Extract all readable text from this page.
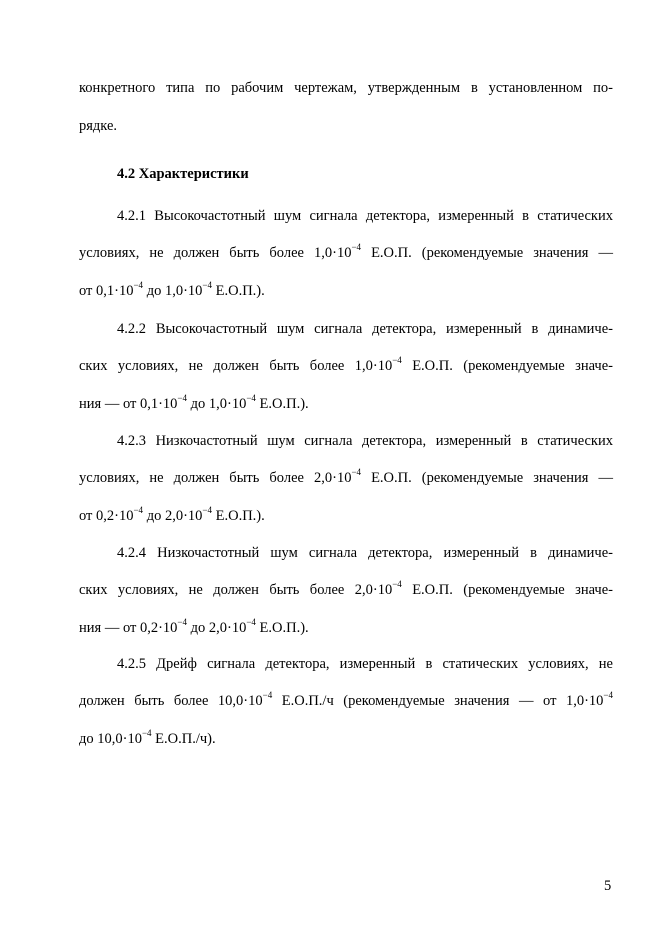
конкретного типа по рабочим чертежам, утвержденным в установленном по-
рядке.
4.2 Характеристики
4.2.1 Высокочастотный шум сигнала детектора, измеренный в статических
условиях, не должен быть более $1,0\cdot 10^{-4}$ Е.О.П. (рекомендуемые значения —
от $0,1\cdot 10^{-4}$ до $1,0\cdot 10^{-4}$ Е.О.П.).
4.2.2 Высокочастотный шум сигнала детектора, измеренный в динамиче-
ских условиях, не должен быть более $1,0\cdot 10^{-4}$ Е.О.П. (рекомендуемые значе-
ния — от $0,1\cdot 10^{-4}$ до $1,0\cdot 10^{-4}$ Е.О.П.).
4.2.3 Низкочастотный шум сигнала детектора, измеренный в статических
условиях, не должен быть более $2,0\cdot 10^{-4}$ Е.О.П. (рекомендуемые значения —
от $0,2\cdot 10^{-4}$ до $2,0\cdot 10^{-4}$ Е.О.П.).
4.2.4 Низкочастотный шум сигнала детектора, измеренный в динамиче-
ских условиях, не должен быть более $2,0\cdot 10^{-4}$ Е.О.П. (рекомендуемые значе-
ния — от $0,2\cdot 10^{-4}$ до $2,0\cdot 10^{-4}$ Е.О.П.).
4.2.5 Дрейф сигнала детектора, измеренный в статических условиях, не
должен быть более $10,0\cdot 10^{-4}$ Е.О.П./ч (рекомендуемые значения — от $1,0\cdot 10^{-4}$
до $10,0\cdot 10^{-4}$ Е.О.П./ч).
5
